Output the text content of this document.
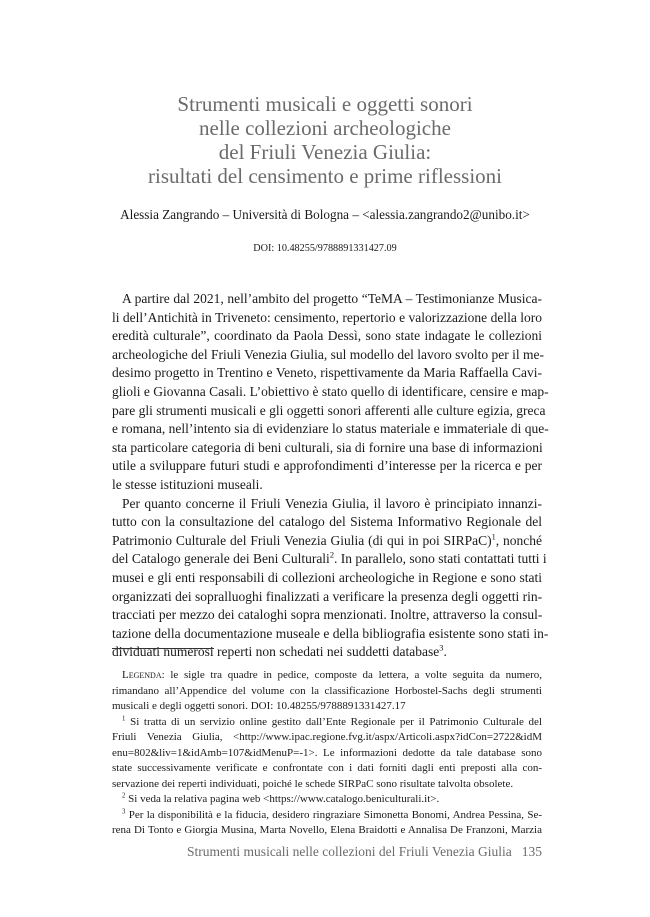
Strumenti musicali e oggetti sonori
nelle collezioni archeologiche
del Friuli Venezia Giulia:
risultati del censimento e prime riflessioni
Alessia Zangrando – Università di Bologna – <alessia.zangrando2@unibo.it>
DOI: 10.48255/9788891331427.09
A partire dal 2021, nell’ambito del progetto “TeMA – Testimonianze Musica-
li dell’Antichità in Triveneto: censimento, repertorio e valorizzazione della loro
eredità culturale”, coordinato da Paola Dessì, sono state indagate le collezioni
archeologiche del Friuli Venezia Giulia, sul modello del lavoro svolto per il me-
desimo progetto in Trentino e Veneto, rispettivamente da Maria Raffaella Cavi-
glioli e Giovanna Casali. L’obiettivo è stato quello di identificare, censire e map-
pare gli strumenti musicali e gli oggetti sonori afferenti alle culture egizia, greca
e romana, nell’intento sia di evidenziare lo status materiale e immateriale di que-
sta particolare categoria di beni culturali, sia di fornire una base di informazioni
utile a sviluppare futuri studi e approfondimenti d’interesse per la ricerca e per
le stesse istituzioni museali.
Per quanto concerne il Friuli Venezia Giulia, il lavoro è principiato innanzi-
tutto con la consultazione del catalogo del Sistema Informativo Regionale del
Patrimonio Culturale del Friuli Venezia Giulia (di qui in poi SIRPaC)$^1$, nonché
del Catalogo generale dei Beni Culturali$^2$. In parallelo, sono stati contattati tutti i
musei e gli enti responsabili di collezioni archeologiche in Regione e sono stati
organizzati dei sopralluoghi finalizzati a verificare la presenza degli oggetti rin-
tracciati per mezzo dei cataloghi sopra menzionati. Inoltre, attraverso la consul-
tazione della documentazione museale e della bibliografia esistente sono stati in-
dividuati numerosi reperti non schedati nei suddetti database$^3$.
Legenda: le sigle tra quadre in pedice, composte da lettera, a volte seguita da numero,
rimandano all’Appendice del volume con la classificazione Horbostel-Sachs degli strumenti
musicali e degli oggetti sonori. DOI: 10.48255/9788891331427.17
$^1$ Si tratta di un servizio online gestito dall’Ente Regionale per il Patrimonio Culturale del
Friuli Venezia Giulia, <http://www.ipac.regione.fvg.it/aspx/Articoli.aspx?idCon=2722&idM
enu=802&liv=1&idAmb=107&idMenuP=-1>. Le informazioni dedotte da tale database sono
state successivamente verificate e confrontate con i dati forniti dagli enti preposti alla con-
servazione dei reperti individuati, poiché le schede SIRPaC sono risultate talvolta obsolete.
$^2$ Si veda la relativa pagina web <https://www.catalogo.beniculturali.it>.
$^3$ Per la disponibilità e la fiducia, desidero ringraziare Simonetta Bonomi, Andrea Pessina, Se-
rena Di Tonto e Giorgia Musina, Marta Novello, Elena Braidotti e Annalisa De Franzoni, Marzia
Strumenti musicali nelle collezioni del Friuli Venezia Giulia 135
